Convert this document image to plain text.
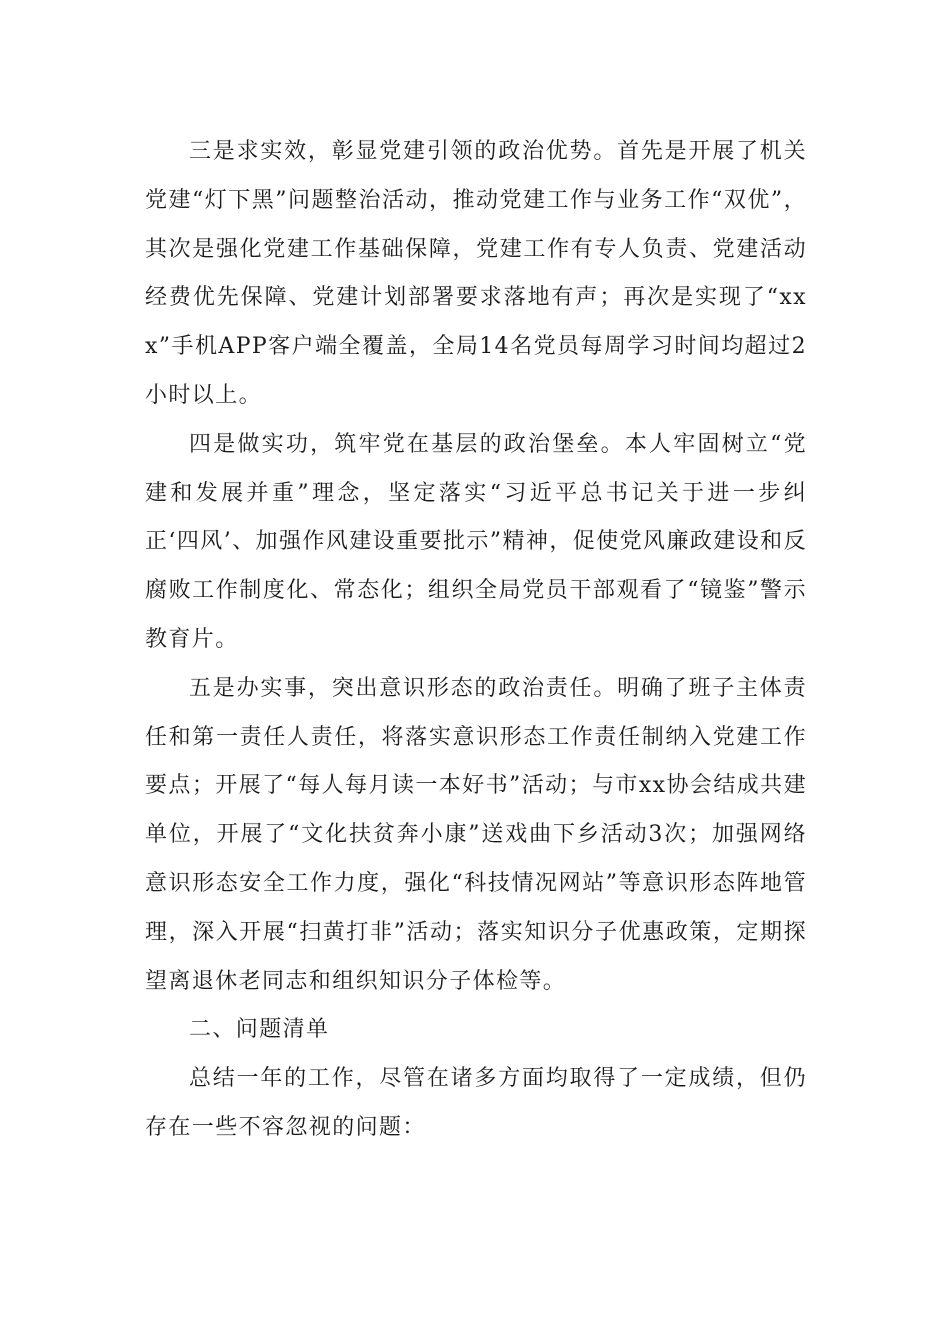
三是求实效，彰显党建引领的政治优势。首先是开展了机关党建“灯下黑”问题整治活动，推动党建工作与业务工作“双优”，其次是强化党建工作基础保障，党建工作有专人负责、党建活动经费优先保障、党建计划部署要求落地有声；再次是实现了“xxx”手机APP客户端全覆盖，全局14名党员每周学习时间均超过2小时以上。

四是做实功，筑牢党在基层的政治堡垒。本人牢固树立“党建和发展并重”理念，坚定落实“习近平总书记关于进一步纠正‘四风’、加强作风建设重要批示”精神，促使党风廉政建设和反腐败工作制度化、常态化；组织全局党员干部观看了“镜鉴”警示教育片。

五是办实事，突出意识形态的政治责任。明确了班子主体责任和第一责任人责任，将落实意识形态工作责任制纳入党建工作要点；开展了“每人每月读一本好书”活动；与市xx协会结成共建单位，开展了“文化扶贫奔小康”送戏曲下乡活动3次；加强网络意识形态安全工作力度，强化“科技情况网站”等意识形态阵地管理，深入开展“扫黄打非”活动；落实知识分子优惠政策，定期探望离退休老同志和组织知识分子体检等。

二、问题清单

总结一年的工作，尽管在诸多方面均取得了一定成绩，但仍存在一些不容忽视的问题：
